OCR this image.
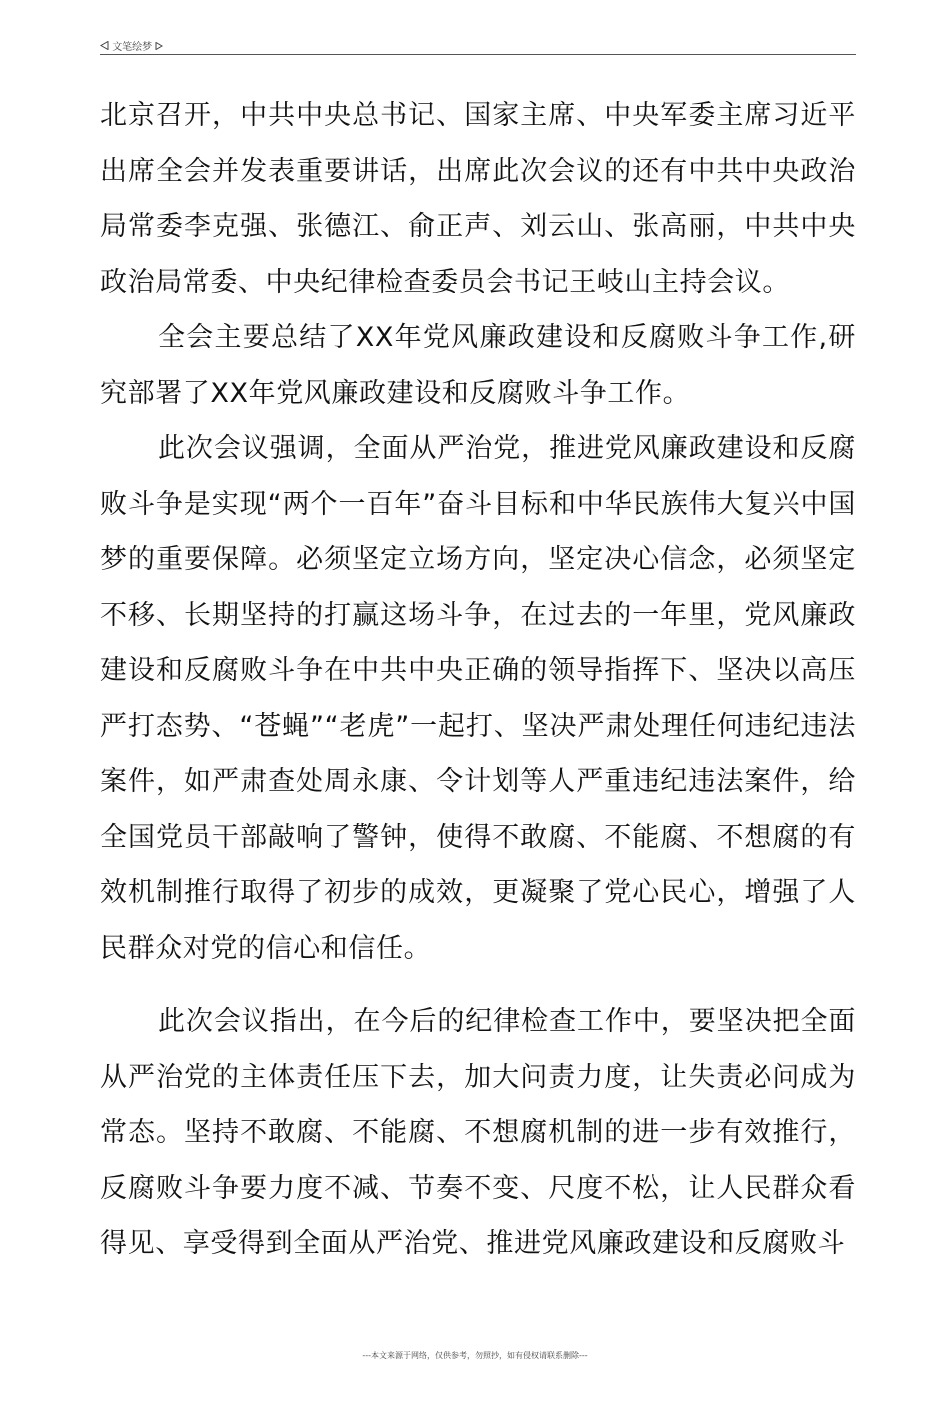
文笔绘梦

北京召开，中共中央总书记、国家主席、中央军委主席习近平出席全会并发表重要讲话，出席此次会议的还有中共中央政治局常委李克强、张德江、俞正声、刘云山、张高丽，中共中央政治局常委、中央纪律检查委员会书记王岐山主持会议。

全会主要总结了XX年党风廉政建设和反腐败斗争工作,研究部署了XX年党风廉政建设和反腐败斗争工作。

此次会议强调，全面从严治党，推进党风廉政建设和反腐败斗争是实现“两个一百年”奋斗目标和中华民族伟大复兴中国梦的重要保障。必须坚定立场方向，坚定决心信念，必须坚定不移、长期坚持的打赢这场斗争，在过去的一年里，党风廉政建设和反腐败斗争在中共中央正确的领导指挥下、坚决以高压严打态势、“苍蝇”“老虎”一起打、坚决严肃处理任何违纪违法案件，如严肃查处周永康、令计划等人严重违纪违法案件，给全国党员干部敲响了警钟，使得不敢腐、不能腐、不想腐的有效机制推行取得了初步的成效，更凝聚了党心民心，增强了人民群众对党的信心和信任。

此次会议指出，在今后的纪律检查工作中，要坚决把全面从严治党的主体责任压下去，加大问责力度，让失责必问成为常态。坚持不敢腐、不能腐、不想腐机制的进一步有效推行，反腐败斗争要力度不减、节奏不变、尺度不松，让人民群众看得见、享受得到全面从严治党、推进党风廉政建设和反腐败斗

---本文来源于网络，仅供参考，勿照抄，如有侵权请联系删除---
